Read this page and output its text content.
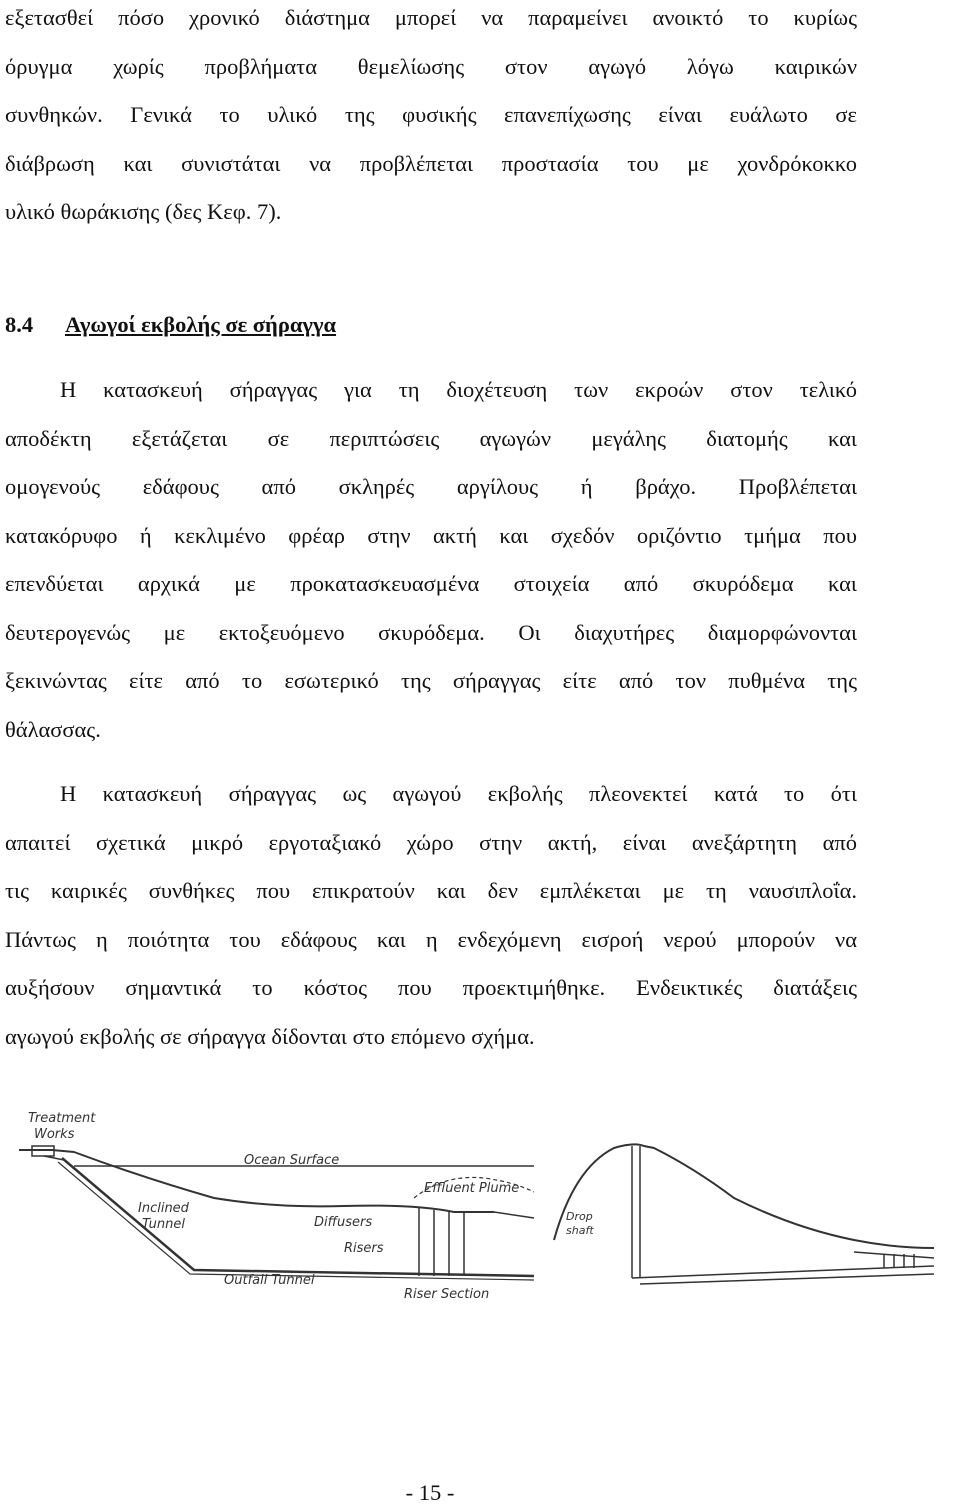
εξετασθεί πόσο χρονικό διάστημα μπορεί να παραμείνει ανοικτό το κυρίως
όρυγμα χωρίς προβλήματα θεμελίωσης στον αγωγό λόγω καιρικών
συνθηκών. Γενικά το υλικό της φυσικής επανεπίχωσης είναι ευάλωτο σε
διάβρωση και συνιστάται να προβλέπεται προστασία του με χονδρόκοκκο
υλικό θωράκισης (δες Κεφ. 7).
8.4 Αγωγοί εκβολής σε σήραγγα
Η κατασκευή σήραγγας για τη διοχέτευση των εκροών στον τελικό
αποδέκτη εξετάζεται σε περιπτώσεις αγωγών μεγάλης διατομής και
ομογενούς εδάφους από σκληρές αργίλους ή βράχο. Προβλέπεται
κατακόρυφο ή κεκλιμένο φρέαρ στην ακτή και σχεδόν οριζόντιο τμήμα που
επενδύεται αρχικά με προκατασκευασμένα στοιχεία από σκυρόδεμα και
δευτερογενώς με εκτοξευόμενο σκυρόδεμα. Οι διαχυτήρες διαμορφώνονται
ξεκινώντας είτε από το εσωτερικό της σήραγγας είτε από τον πυθμένα της
θάλασσας.
Η κατασκευή σήραγγας ως αγωγού εκβολής πλεονεκτεί κατά το ότι
απαιτεί σχετικά μικρό εργοταξιακό χώρο στην ακτή, είναι ανεξάρτητη από
τις καιρικές συνθήκες που επικρατούν και δεν εμπλέκεται με τη ναυσιπλοΐα.
Πάντως η ποιότητα του εδάφους και η ενδεχόμενη εισροή νερού μπορούν να
αυξήσουν σημαντικά το κόστος που προεκτιμήθηκε. Ενδεικτικές διατάξεις
αγωγού εκβολής σε σήραγγα δίδονται στο επόμενο σχήμα.
Treatment
Works
Ocean Surface
Effluent Plume
Inclined
Tunnel	Diffusers
Risers
Outfall Tunnel
Riser Section
Drop
shaft
- 15 -
